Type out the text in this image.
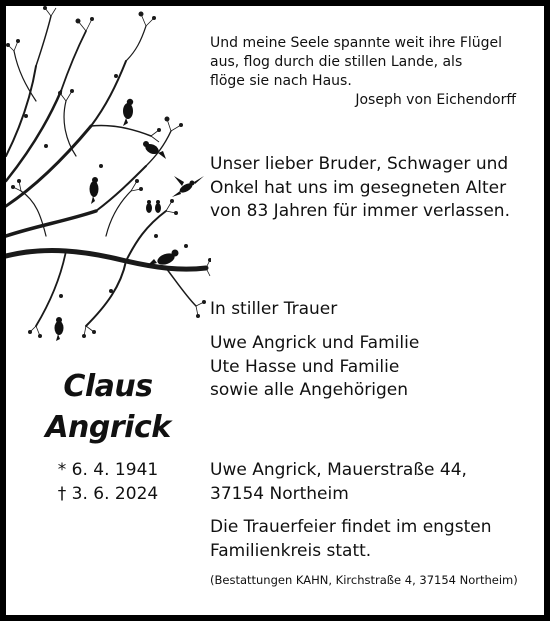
Und meine Seele spannte weit ihre Flügel
aus, flog durch die stillen Lande, als
flöge sie nach Haus.
Joseph von Eichendorff
Unser lieber Bruder, Schwager und
Onkel hat uns im gesegneten Alter
von 83 Jahren für immer verlassen.
In stiller Trauer
Uwe Angrick und Familie
Ute Hasse und Familie
sowie alle Angehörigen
Claus
Angrick
* 6. 4. 1941
† 3. 6. 2024
Uwe Angrick, Mauerstraße 44,
37154 Northeim
Die Trauerfeier findet im engsten
Familienkreis statt.
(Bestattungen KAHN, Kirchstraße 4, 37154 Northeim)
